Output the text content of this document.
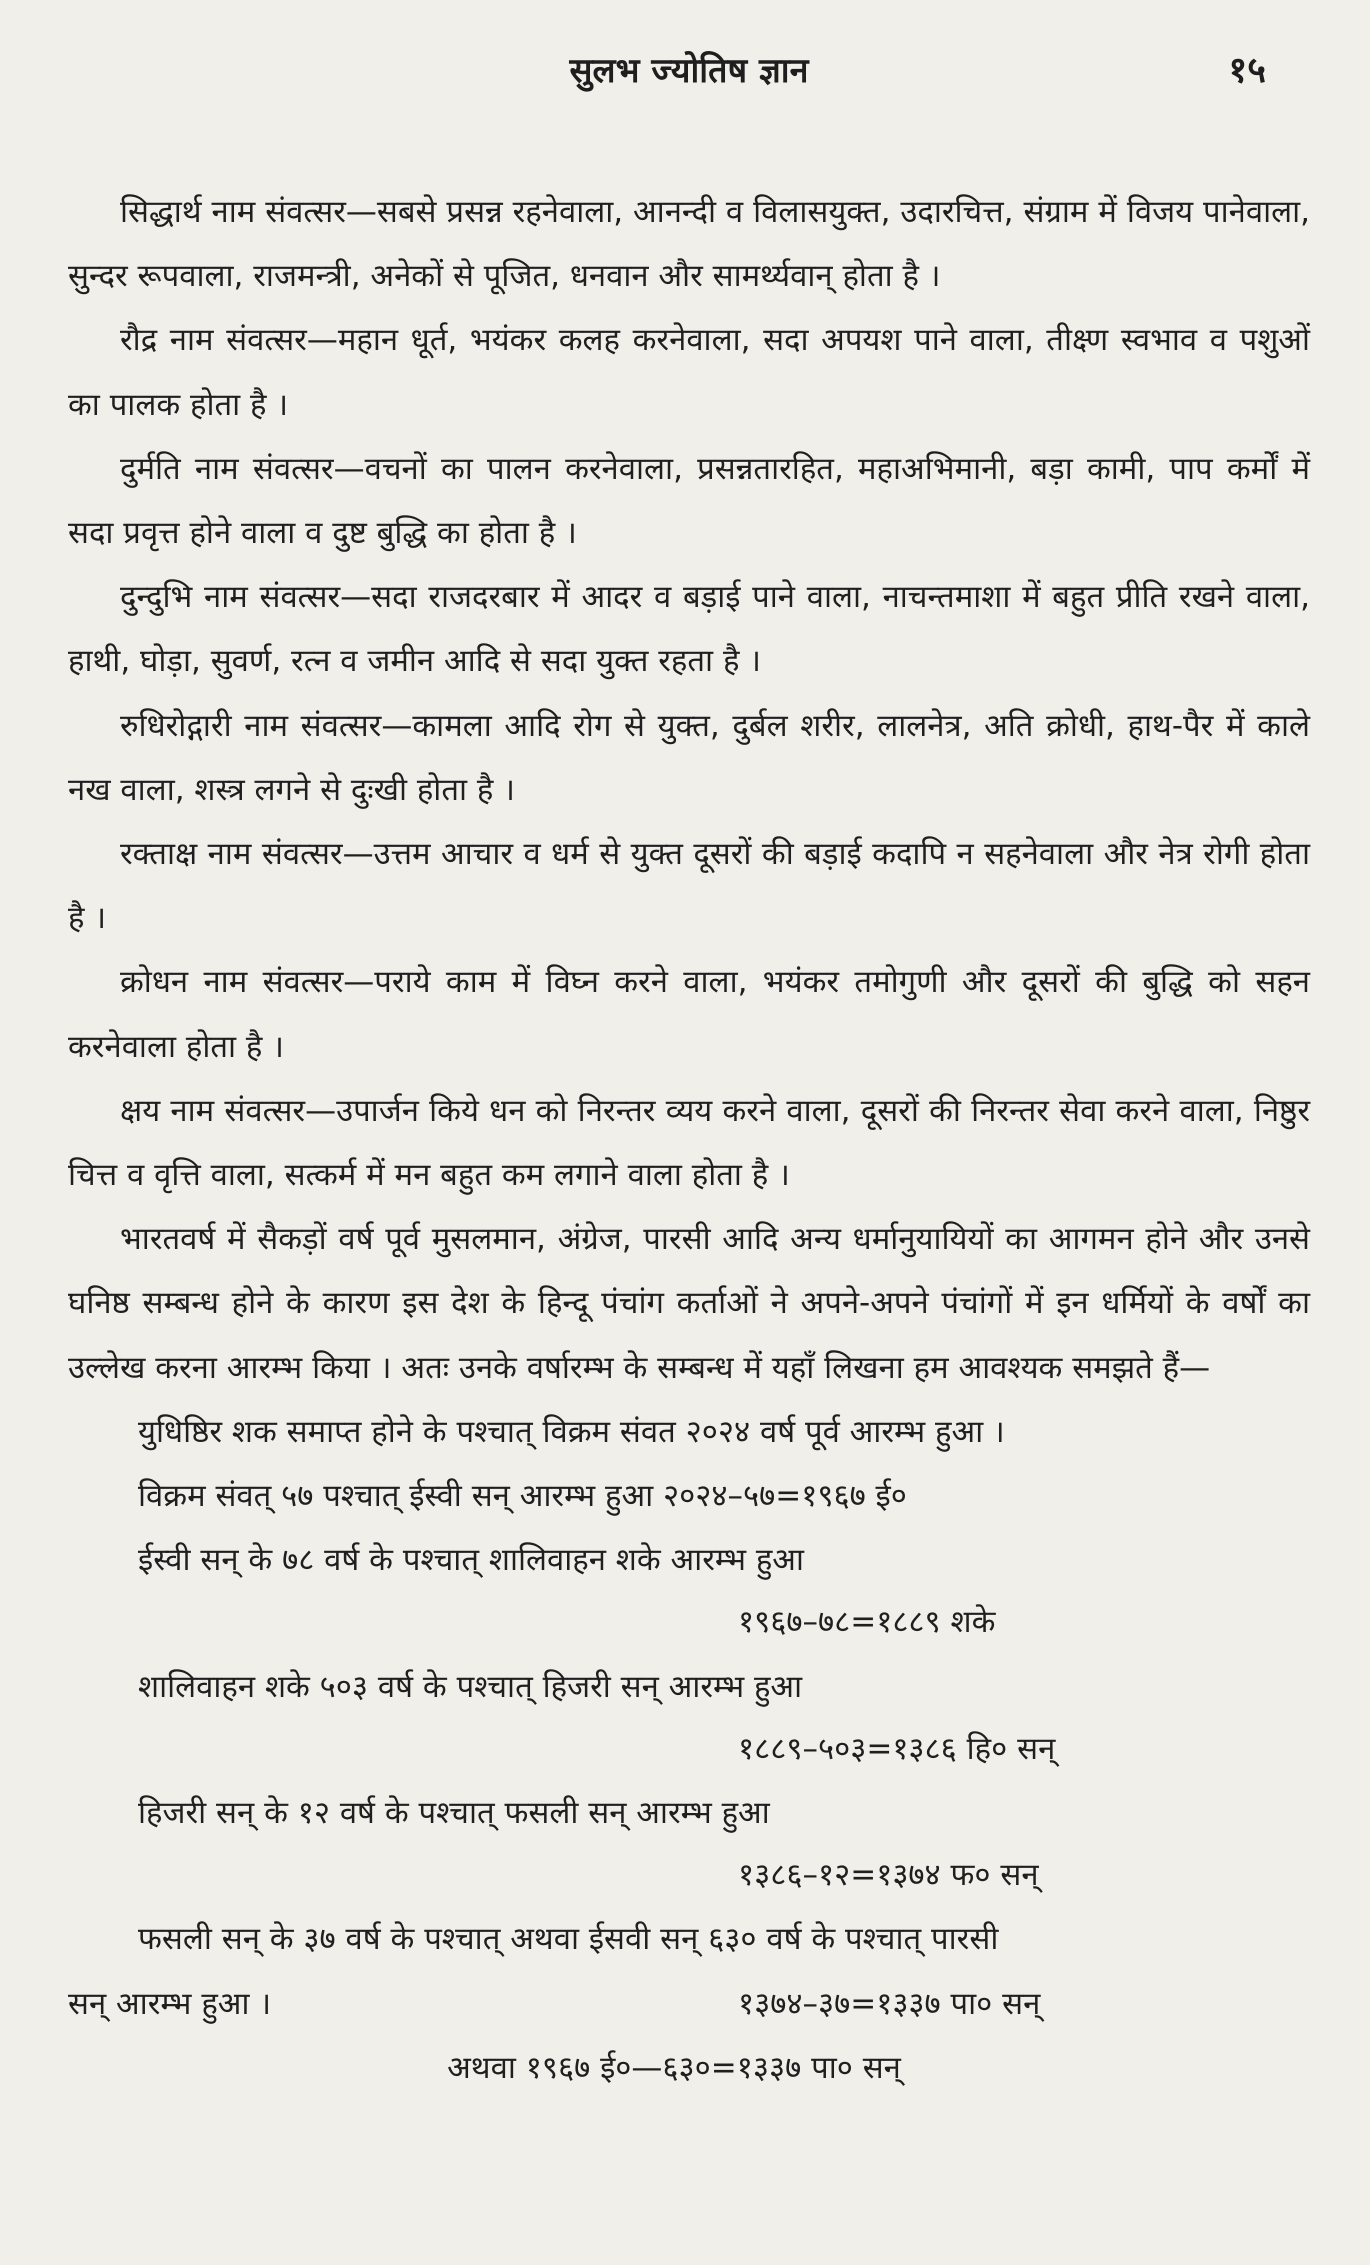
सुलभ ज्योतिष ज्ञान	१५

सिद्धार्थ नाम संवत्सर—सबसे प्रसन्न रहनेवाला, आनन्दी व विलासयुक्त, उदारचित्त, संग्राम में विजय पानेवाला, सुन्दर रूपवाला, राजमन्त्री, अनेकों से पूजित, धनवान और सामर्थ्यवान् होता है ।

रौद्र नाम संवत्सर—महान धूर्त, भयंकर कलह करनेवाला, सदा अपयश पाने वाला, तीक्ष्ण स्वभाव व पशुओं का पालक होता है ।

दुर्मति नाम संवत्सर—वचनों का पालन करनेवाला, प्रसन्नतारहित, महाअभिमानी, बड़ा कामी, पाप कर्मों में सदा प्रवृत्त होने वाला व दुष्ट बुद्धि का होता है ।

दुन्दुभि नाम संवत्सर—सदा राजदरबार में आदर व बड़ाई पाने वाला, नाचन्तमाशा में बहुत प्रीति रखने वाला, हाथी, घोड़ा, सुवर्ण, रत्न व जमीन आदि से सदा युक्त रहता है ।

रुधिरोद्गारी नाम संवत्सर—कामला आदि रोग से युक्त, दुर्बल शरीर, लालनेत्र, अति क्रोधी, हाथ-पैर में काले नख वाला, शस्त्र लगने से दुःखी होता है ।

रक्ताक्ष नाम संवत्सर—उत्तम आचार व धर्म से युक्त दूसरों की बड़ाई कदापि न सहनेवाला और नेत्र रोगी होता है ।

क्रोधन नाम संवत्सर—पराये काम में विघ्न करने वाला, भयंकर तमोगुणी और दूसरों की बुद्धि को सहन करनेवाला होता है ।

क्षय नाम संवत्सर—उपार्जन किये धन को निरन्तर व्यय करने वाला, दूसरों की निरन्तर सेवा करने वाला, निष्ठुर चित्त व वृत्ति वाला, सत्कर्म में मन बहुत कम लगाने वाला होता है ।

भारतवर्ष में सैकड़ों वर्ष पूर्व मुसलमान, अंग्रेज, पारसी आदि अन्य धर्मानुयायियों का आगमन होने और उनसे घनिष्ठ सम्बन्ध होने के कारण इस देश के हिन्दू पंचांग कर्ताओं ने अपने-अपने पंचांगों में इन धर्मियों के वर्षों का उल्लेख करना आरम्भ किया । अतः उनके वर्षारम्भ के सम्बन्ध में यहाँ लिखना हम आवश्यक समझते हैं—

युधिष्ठिर शक समाप्त होने के पश्चात् विक्रम संवत २०२४ वर्ष पूर्व आरम्भ हुआ ।
विक्रम संवत् ५७ पश्चात् ईस्वी सन् आरम्भ हुआ २०२४–५७=१९६७ ई०
ईस्वी सन् के ७८ वर्ष के पश्चात् शालिवाहन शके आरम्भ हुआ
१९६७–७८=१८८९ शके
शालिवाहन शके ५०३ वर्ष के पश्चात् हिजरी सन् आरम्भ हुआ
१८८९–५०३=१३८६ हि० सन्
हिजरी सन् के १२ वर्ष के पश्चात् फसली सन् आरम्भ हुआ
१३८६–१२=१३७४ फ० सन्
फसली सन् के ३७ वर्ष के पश्चात् अथवा ईसवी सन् ६३० वर्ष के पश्चात् पारसी
सन् आरम्भ हुआ ।	१३७४–३७=१३३७ पा० सन्
अथवा १९६७ ई०—६३०=१३३७ पा० सन्
